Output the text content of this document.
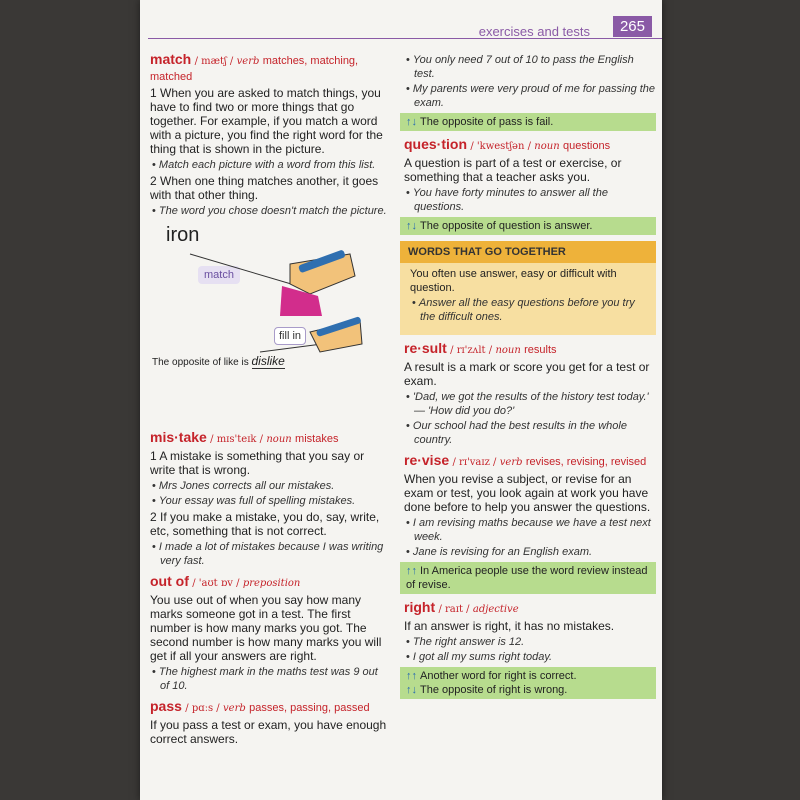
exercises and tests	265
match / mætʃ / verb matches, matching, matched
1 When you are asked to match things, you have to find two or more things that go together. For example, if you match a word with a picture, you find the right word for the thing that is shown in the picture.
• Match each picture with a word from this list.
2 When one thing matches another, it goes with that other thing.
• The word you chose doesn't match the picture.
iron
match
fill in
The opposite of like is dislike
mis·take / mɪs'teɪk / noun mistakes
1 A mistake is something that you say or write that is wrong.
• Mrs Jones corrects all our mistakes.
• Your essay was full of spelling mistakes.
2 If you make a mistake, you do, say, write, etc, something that is not correct.
• I made a lot of mistakes because I was writing very fast.
out of / 'aʊt ɒv / preposition
You use out of when you say how many marks someone got in a test. The first number is how many marks you got. The second number is how many marks you will get if all your answers are right.
• The highest mark in the maths test was 9 out of 10.
pass / pɑːs / verb passes, passing, passed
If you pass a test or exam, you have enough correct answers.
• You only need 7 out of 10 to pass the English test.
• My parents were very proud of me for passing the exam.
↑↓ The opposite of pass is fail.
ques·tion / 'kwestʃən / noun questions
A question is part of a test or exercise, or something that a teacher asks you.
• You have forty minutes to answer all the questions.
↑↓ The opposite of question is answer.
WORDS THAT GO TOGETHER
You often use answer, easy or difficult with question.
• Answer all the easy questions before you try the difficult ones.
re·sult / rɪ'zʌlt / noun results
A result is a mark or score you get for a test or exam.
• 'Dad, we got the results of the history test today.' — 'How did you do?'
• Our school had the best results in the whole country.
re·vise / rɪ'vaɪz / verb revises, revising, revised
When you revise a subject, or revise for an exam or test, you look again at work you have done before to help you answer the questions.
• I am revising maths because we have a test next week.
• Jane is revising for an English exam.
↑↑ In America people use the word review instead of revise.
right / raɪt / adjective
If an answer is right, it has no mistakes.
• The right answer is 12.
• I got all my sums right today.
↑↑ Another word for right is correct.
↑↓ The opposite of right is wrong.
